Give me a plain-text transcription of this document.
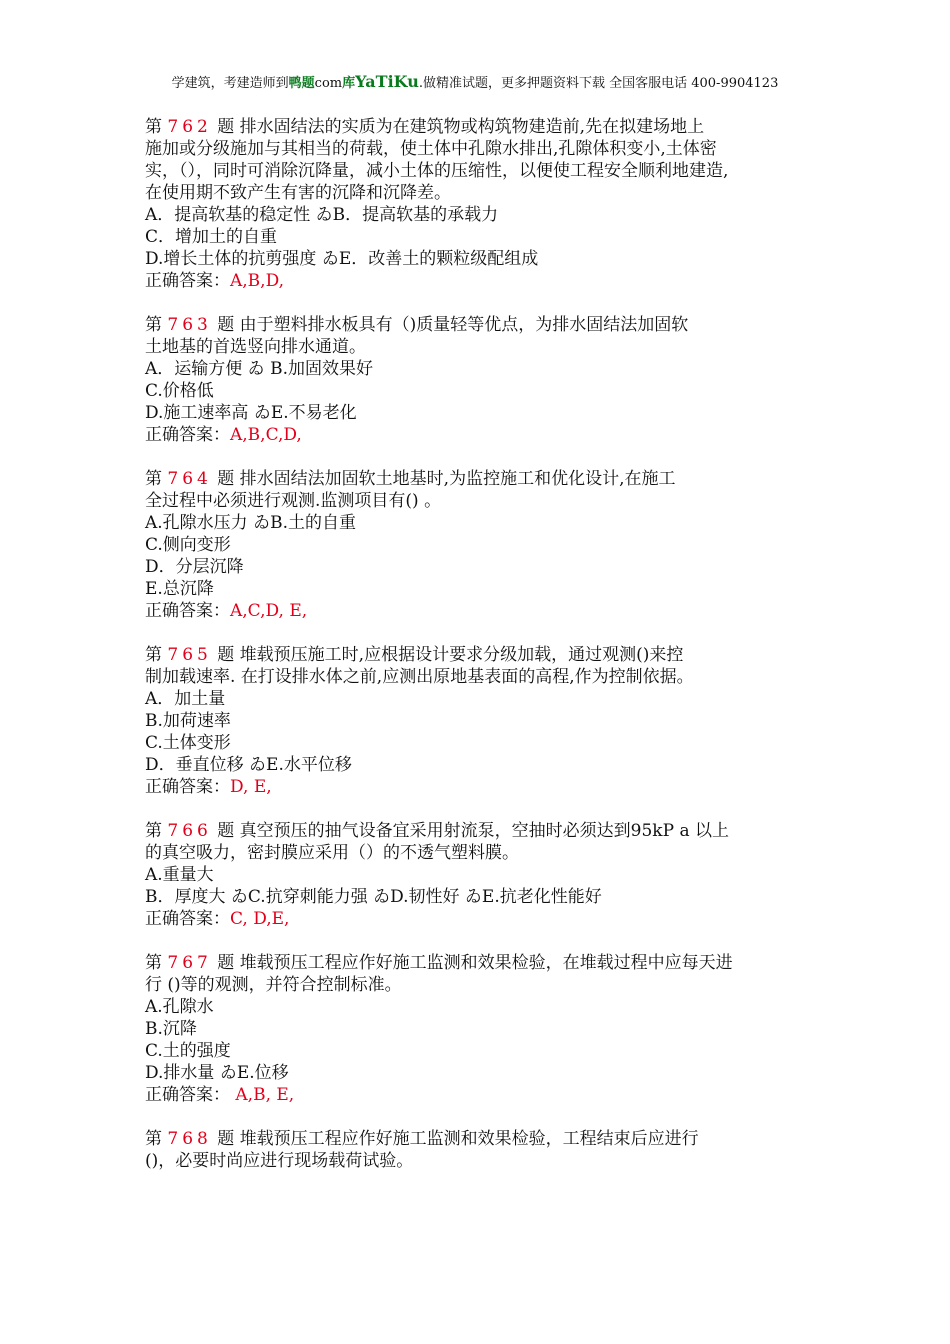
学建筑，考建造师到鸭题com库YaTiKu.做精准试题，更多押题资料下载 全国客服电话 400-9904123
第 762 题 排水固结法的实质为在建筑物或构筑物建造前,先在拟建场地上
施加或分级施加与其相当的荷载，使土体中孔隙水排出,孔隙体积变小,土体密
实，（），同时可消除沉降量，减小土体的压缩性，以便使工程安全顺利地建造,
在使用期不致产生有害的沉降和沉降差。
A．提高软基的稳定性 ゐB．提高软基的承载力
C．增加土的自重
D.增长土体的抗剪强度 ゐE．改善土的颗粒级配组成
正确答案：A,B,D,
第 763 题 由于塑料排水板具有（)质量轻等优点，为排水固结法加固软
土地基的首选竖向排水通道。
A．运输方便 ゐ B.加固效果好
C.价格低
D.施工速率高 ゐE.不易老化
正确答案：A,B,C,D,
第 764 题 排水固结法加固软土地基时,为监控施工和优化设计,在施工
全过程中必须进行观测.监测项目有() 。
A.孔隙水压力 ゐB.土的自重
C.侧向变形
D．分层沉降
E.总沉降
正确答案：A,C,D, E,
第 765 题 堆载预压施工时,应根据设计要求分级加载，通过观测()来控
制加载速率. 在打设排水体之前,应测出原地基表面的高程,作为控制依据。
A．加土量
B.加荷速率
C.土体变形
D．垂直位移 ゐE.水平位移
正确答案：D, E,
第 766 题 真空预压的抽气设备宜采用射流泵，空抽时必须达到95kP a 以上
的真空吸力，密封膜应采用（）的不透气塑料膜。
A.重量大
B．厚度大 ゐC.抗穿刺能力强 ゐD.韧性好 ゐE.抗老化性能好
正确答案：C, D,E,
第 767 题 堆载预压工程应作好施工监测和效果检验，在堆载过程中应每天进
行 ()等的观测，并符合控制标准。
A.孔隙水
B.沉降
C.土的强度
D.排水量 ゐE.位移
正确答案： A,B, E,
第 768 题 堆载预压工程应作好施工监测和效果检验，工程结束后应进行
()，必要时尚应进行现场载荷试验。
